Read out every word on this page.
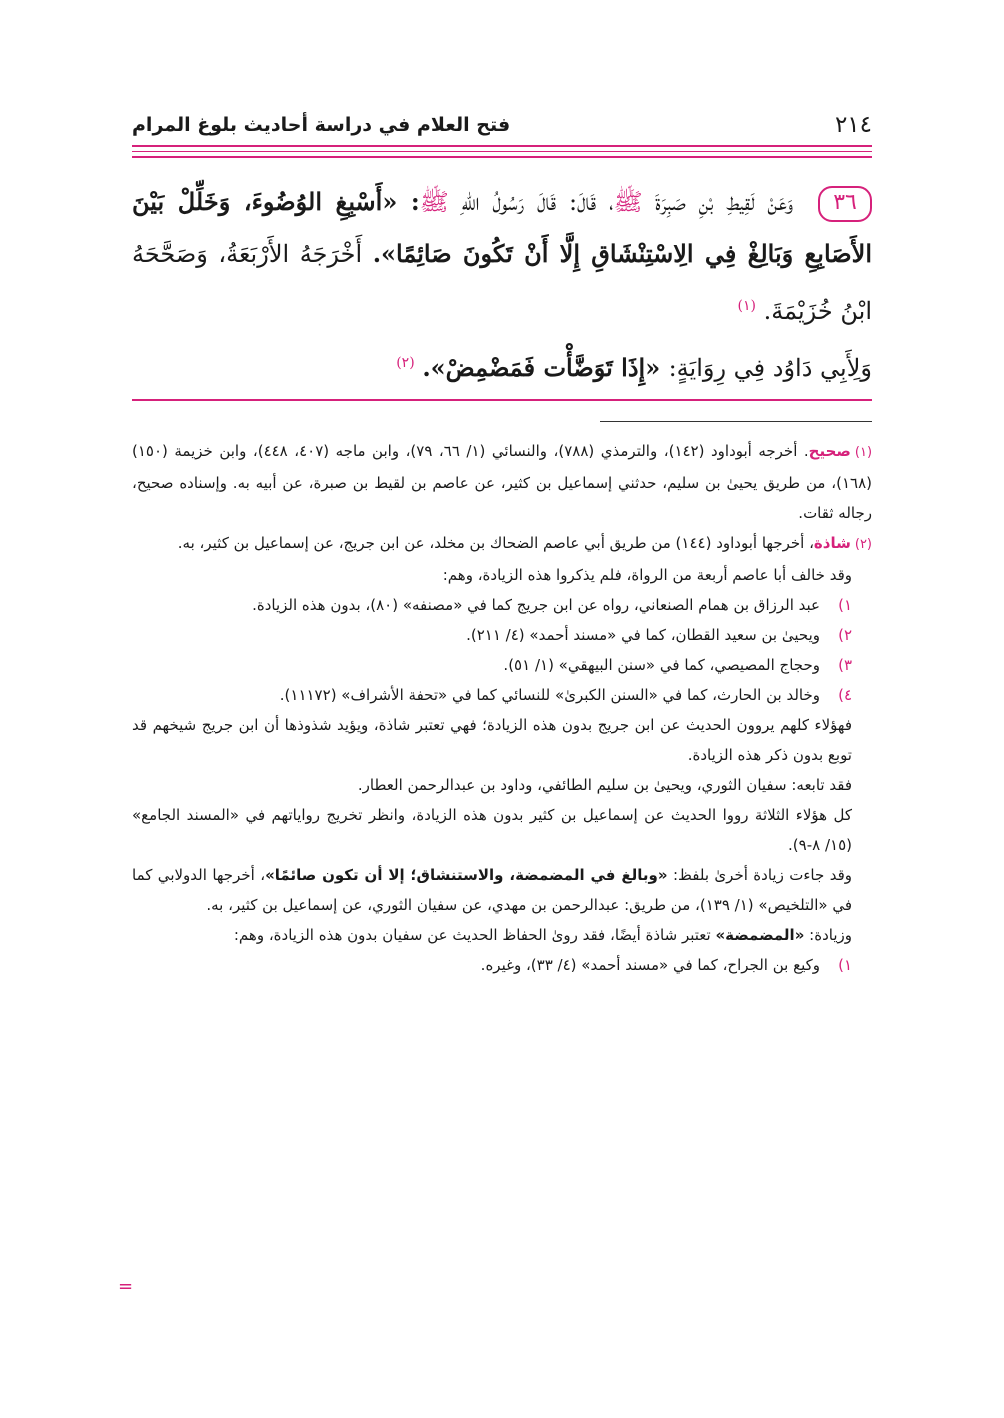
٢١٤
فتح العلام في دراسة أحاديث بلوغ المرام
٣٦ وَعَنْ لَقِيطِ بْنِ صَبِرَةَ ﷺ، قَالَ: قَالَ رَسُولُ اللهِ ﷺ: «أَسْبِغِ الوُضُوءَ، وَخَلِّلْ بَيْنَ الأَصَابِعِ وَبَالِغْ فِي الِاسْتِنْشَاقِ إِلَّا أَنْ تَكُونَ صَائِمًا». أَخْرَجَهُ الأَرْبَعَةُ، وَصَحَّحَهُ ابْنُ خُزَيْمَةَ. $^{(١)}$
وَلِأَبِي دَاوُد فِي رِوَايَةٍ: «إِذَا تَوَضَّأْت فَمَضْمِضْ». $^{(٢)}$

(١)صحيح. أخرجه أبوداود (١٤٢)، والترمذي (٧٨٨)، والنسائي (١/ ٦٦، ٧٩)، وابن ماجه (٤٠٧، ٤٤٨)، وابن خزيمة (١٥٠) (١٦٨)، من طريق يحيىٰ بن سليم، حدثني إسماعيل بن كثير، عن عاصم بن لقيط بن صبرة، عن أبيه به. وإسناده صحيح، رجاله ثقات.

(٢)شاذة، أخرجها أبوداود (١٤٤) من طريق أبي عاصم الضحاك بن مخلد، عن ابن جريج، عن إسماعيل بن كثير، به.

وقد خالف أبا عاصم أربعة من الرواة، فلم يذكروا هذه الزيادة، وهم:

١)
عبد الرزاق بن همام الصنعاني، رواه عن ابن جريج كما في «مصنفه» (٨٠)، بدون هذه الزيادة.
٢)
ويحيىٰ بن سعيد القطان، كما في «مسند أحمد» (٤/ ٢١١).
٣)
وحجاج المصيصي، كما في «سنن البيهقي» (١/ ٥١).
٤)
وخالد بن الحارث، كما في «السنن الكبرىٰ» للنسائي كما في «تحفة الأشراف» (١١١٧٢).

فهؤلاء كلهم يروون الحديث عن ابن جريج بدون هذه الزيادة؛ فهي تعتبر شاذة، ويؤيد شذوذها أن ابن جريج شيخهم قد توبع بدون ذكر هذه الزيادة.

فقد تابعه: سفيان الثوري، ويحيىٰ بن سليم الطائفي، وداود بن عبدالرحمن العطار.

كل هؤلاء الثلاثة رووا الحديث عن إسماعيل بن كثير بدون هذه الزيادة، وانظر تخريج رواياتهم في «المسند الجامع» (١٥/ ٨-٩).

وقد جاءت زيادة أخرىٰ بلفظ: «وبالغ في المضمضة، والاستنشاق؛ إلا أن تكون صائمًا»، أخرجها الدولابي كما في «التلخيص» (١/ ١٣٩)، من طريق: عبدالرحمن بن مهدي، عن سفيان الثوري، عن إسماعيل بن كثير، به.

وزيادة: «المضمضة» تعتبر شاذة أيضًا، فقد رویٰ الحفاظ الحديث عن سفيان بدون هذه الزيادة، وهم:

١)
وكيع بن الجراح، كما في «مسند أحمد» (٤/ ٣٣)، وغيره.
=
